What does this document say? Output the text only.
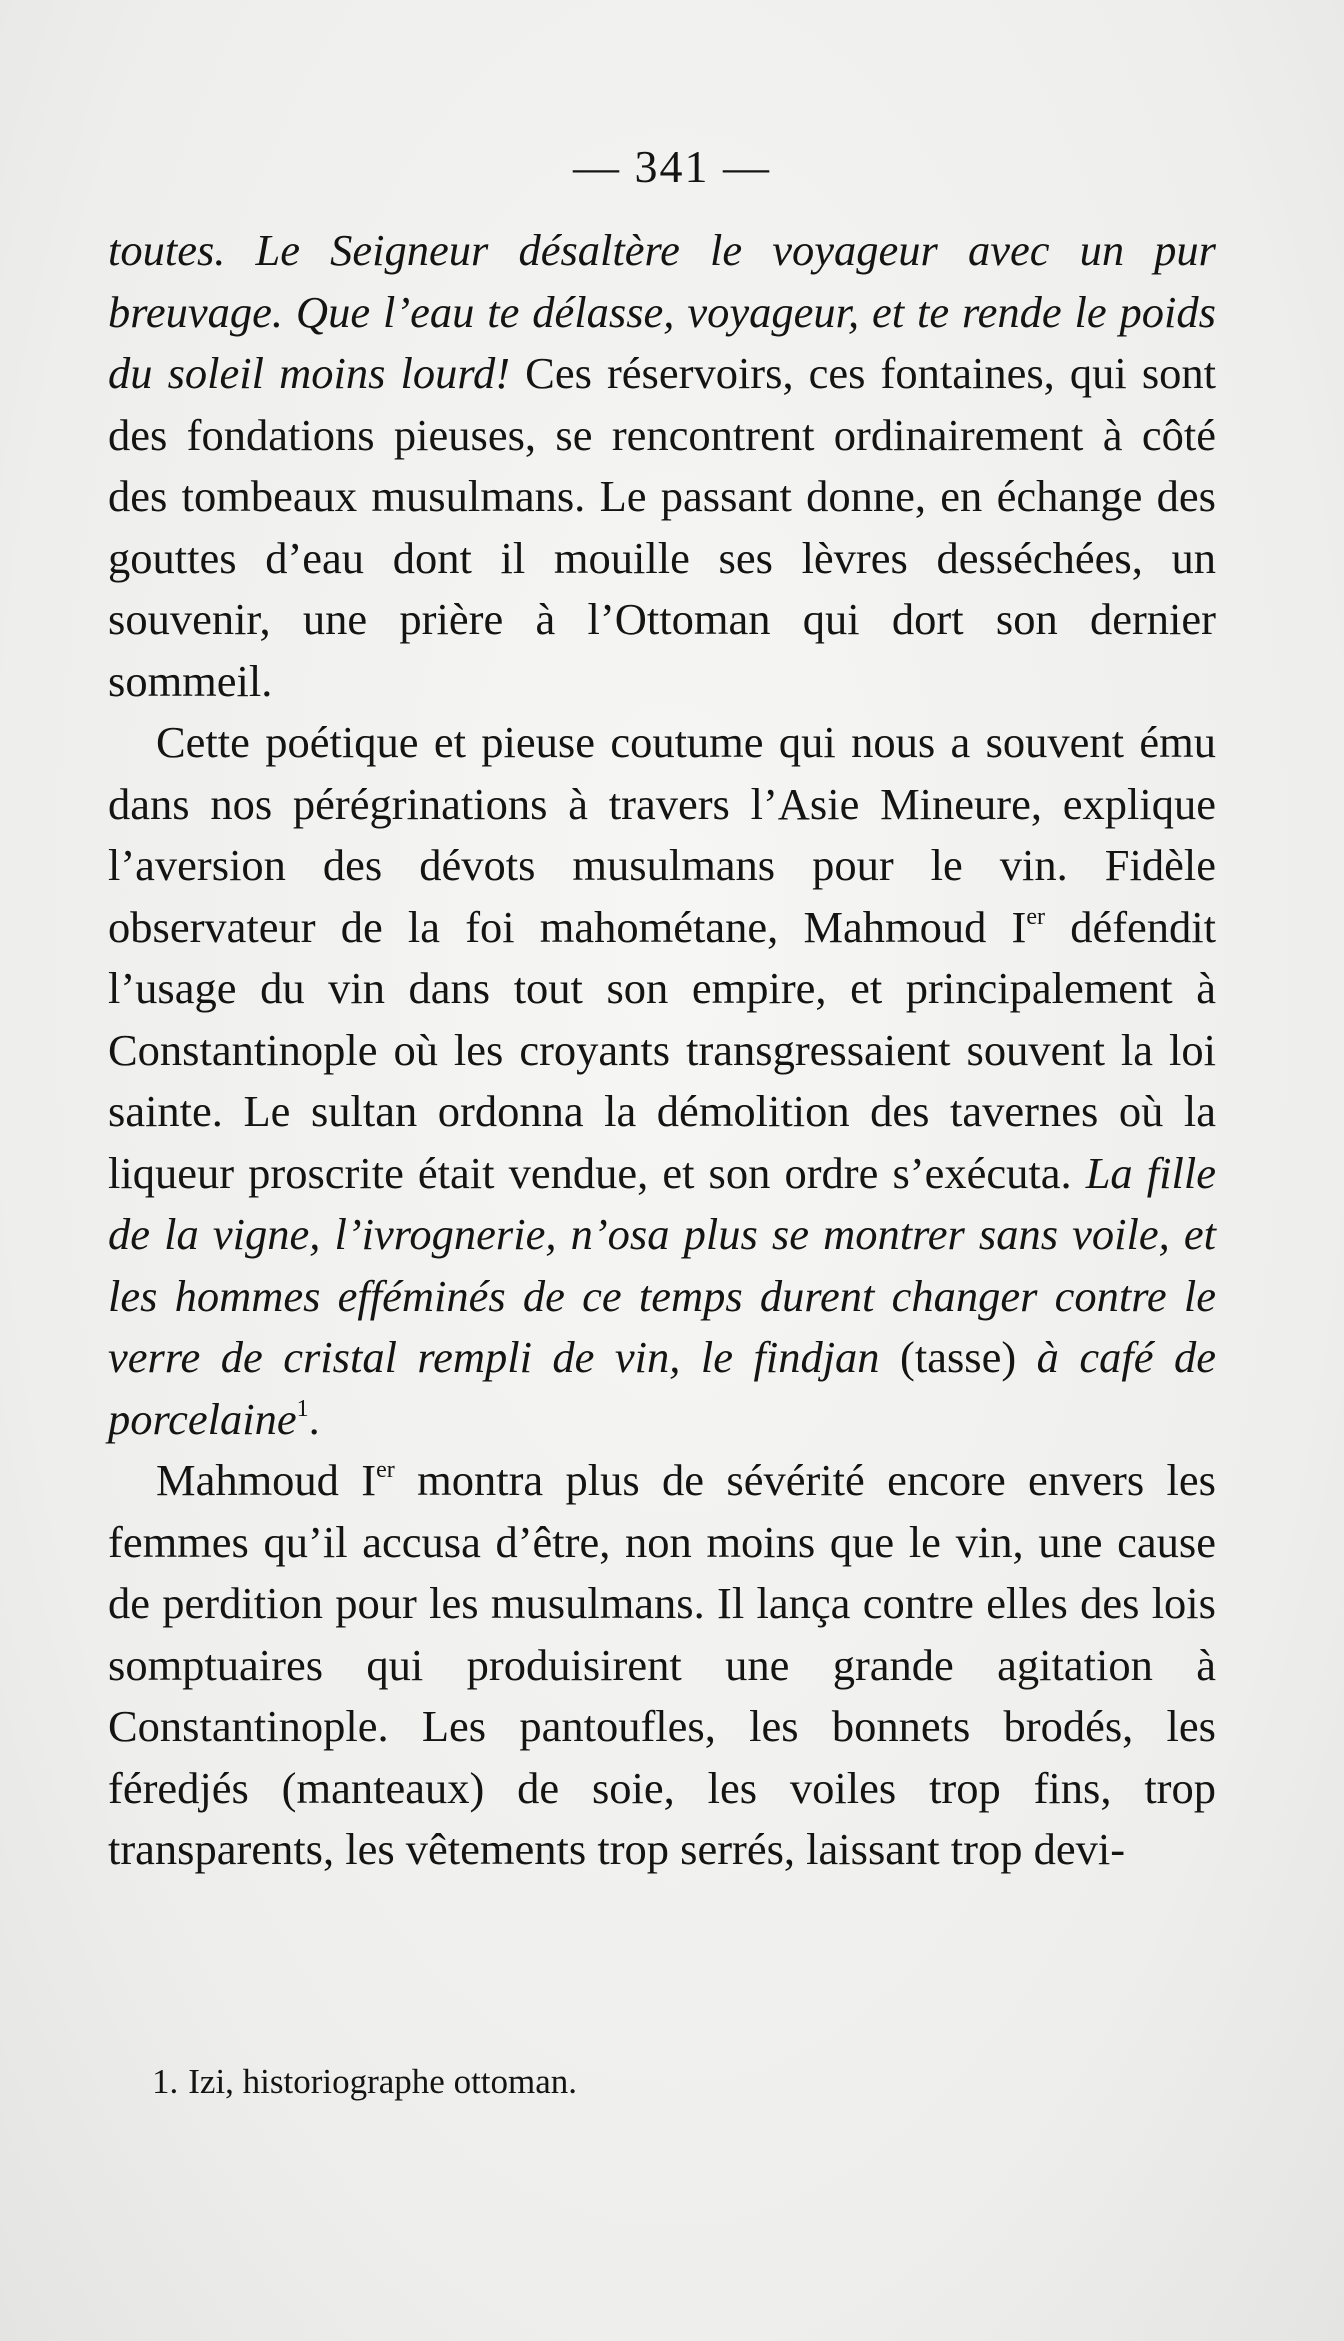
— 341 —

toutes. Le Seigneur désaltère le voyageur avec un pur breuvage. Que l’eau te délasse, voyageur, et te rende le poids du soleil moins lourd! Ces réservoirs, ces fontaines, qui sont des fondations pieuses, se rencontrent ordinairement à côté des tombeaux musulmans. Le passant donne, en échange des gouttes d’eau dont il mouille ses lèvres desséchées, un souvenir, une prière à l’Ottoman qui dort son dernier sommeil.

Cette poétique et pieuse coutume qui nous a souvent ému dans nos pérégrinations à travers l’Asie Mineure, explique l’aversion des dévots musulmans pour le vin. Fidèle observateur de la foi mahométane, Mahmoud Ier défendit l’usage du vin dans tout son empire, et principalement à Constantinople où les croyants transgressaient souvent la loi sainte. Le sultan ordonna la démolition des tavernes où la liqueur proscrite était vendue, et son ordre s’exécuta. La fille de la vigne, l’ivrognerie, n’osa plus se montrer sans voile, et les hommes efféminés de ce temps durent changer contre le verre de cristal rempli de vin, le findjan (tasse) à café de porcelaine$^1$.

Mahmoud Ier montra plus de sévérité encore envers les femmes qu’il accusa d’être, non moins que le vin, une cause de perdition pour les musulmans. Il lança contre elles des lois somptuaires qui produisirent une grande agitation à Constantinople. Les pantoufles, les bonnets brodés, les féredjés (manteaux) de soie, les voiles trop fins, trop transparents, les vêtements trop serrés, laissant trop devi-

1. Izi, historiographe ottoman.
